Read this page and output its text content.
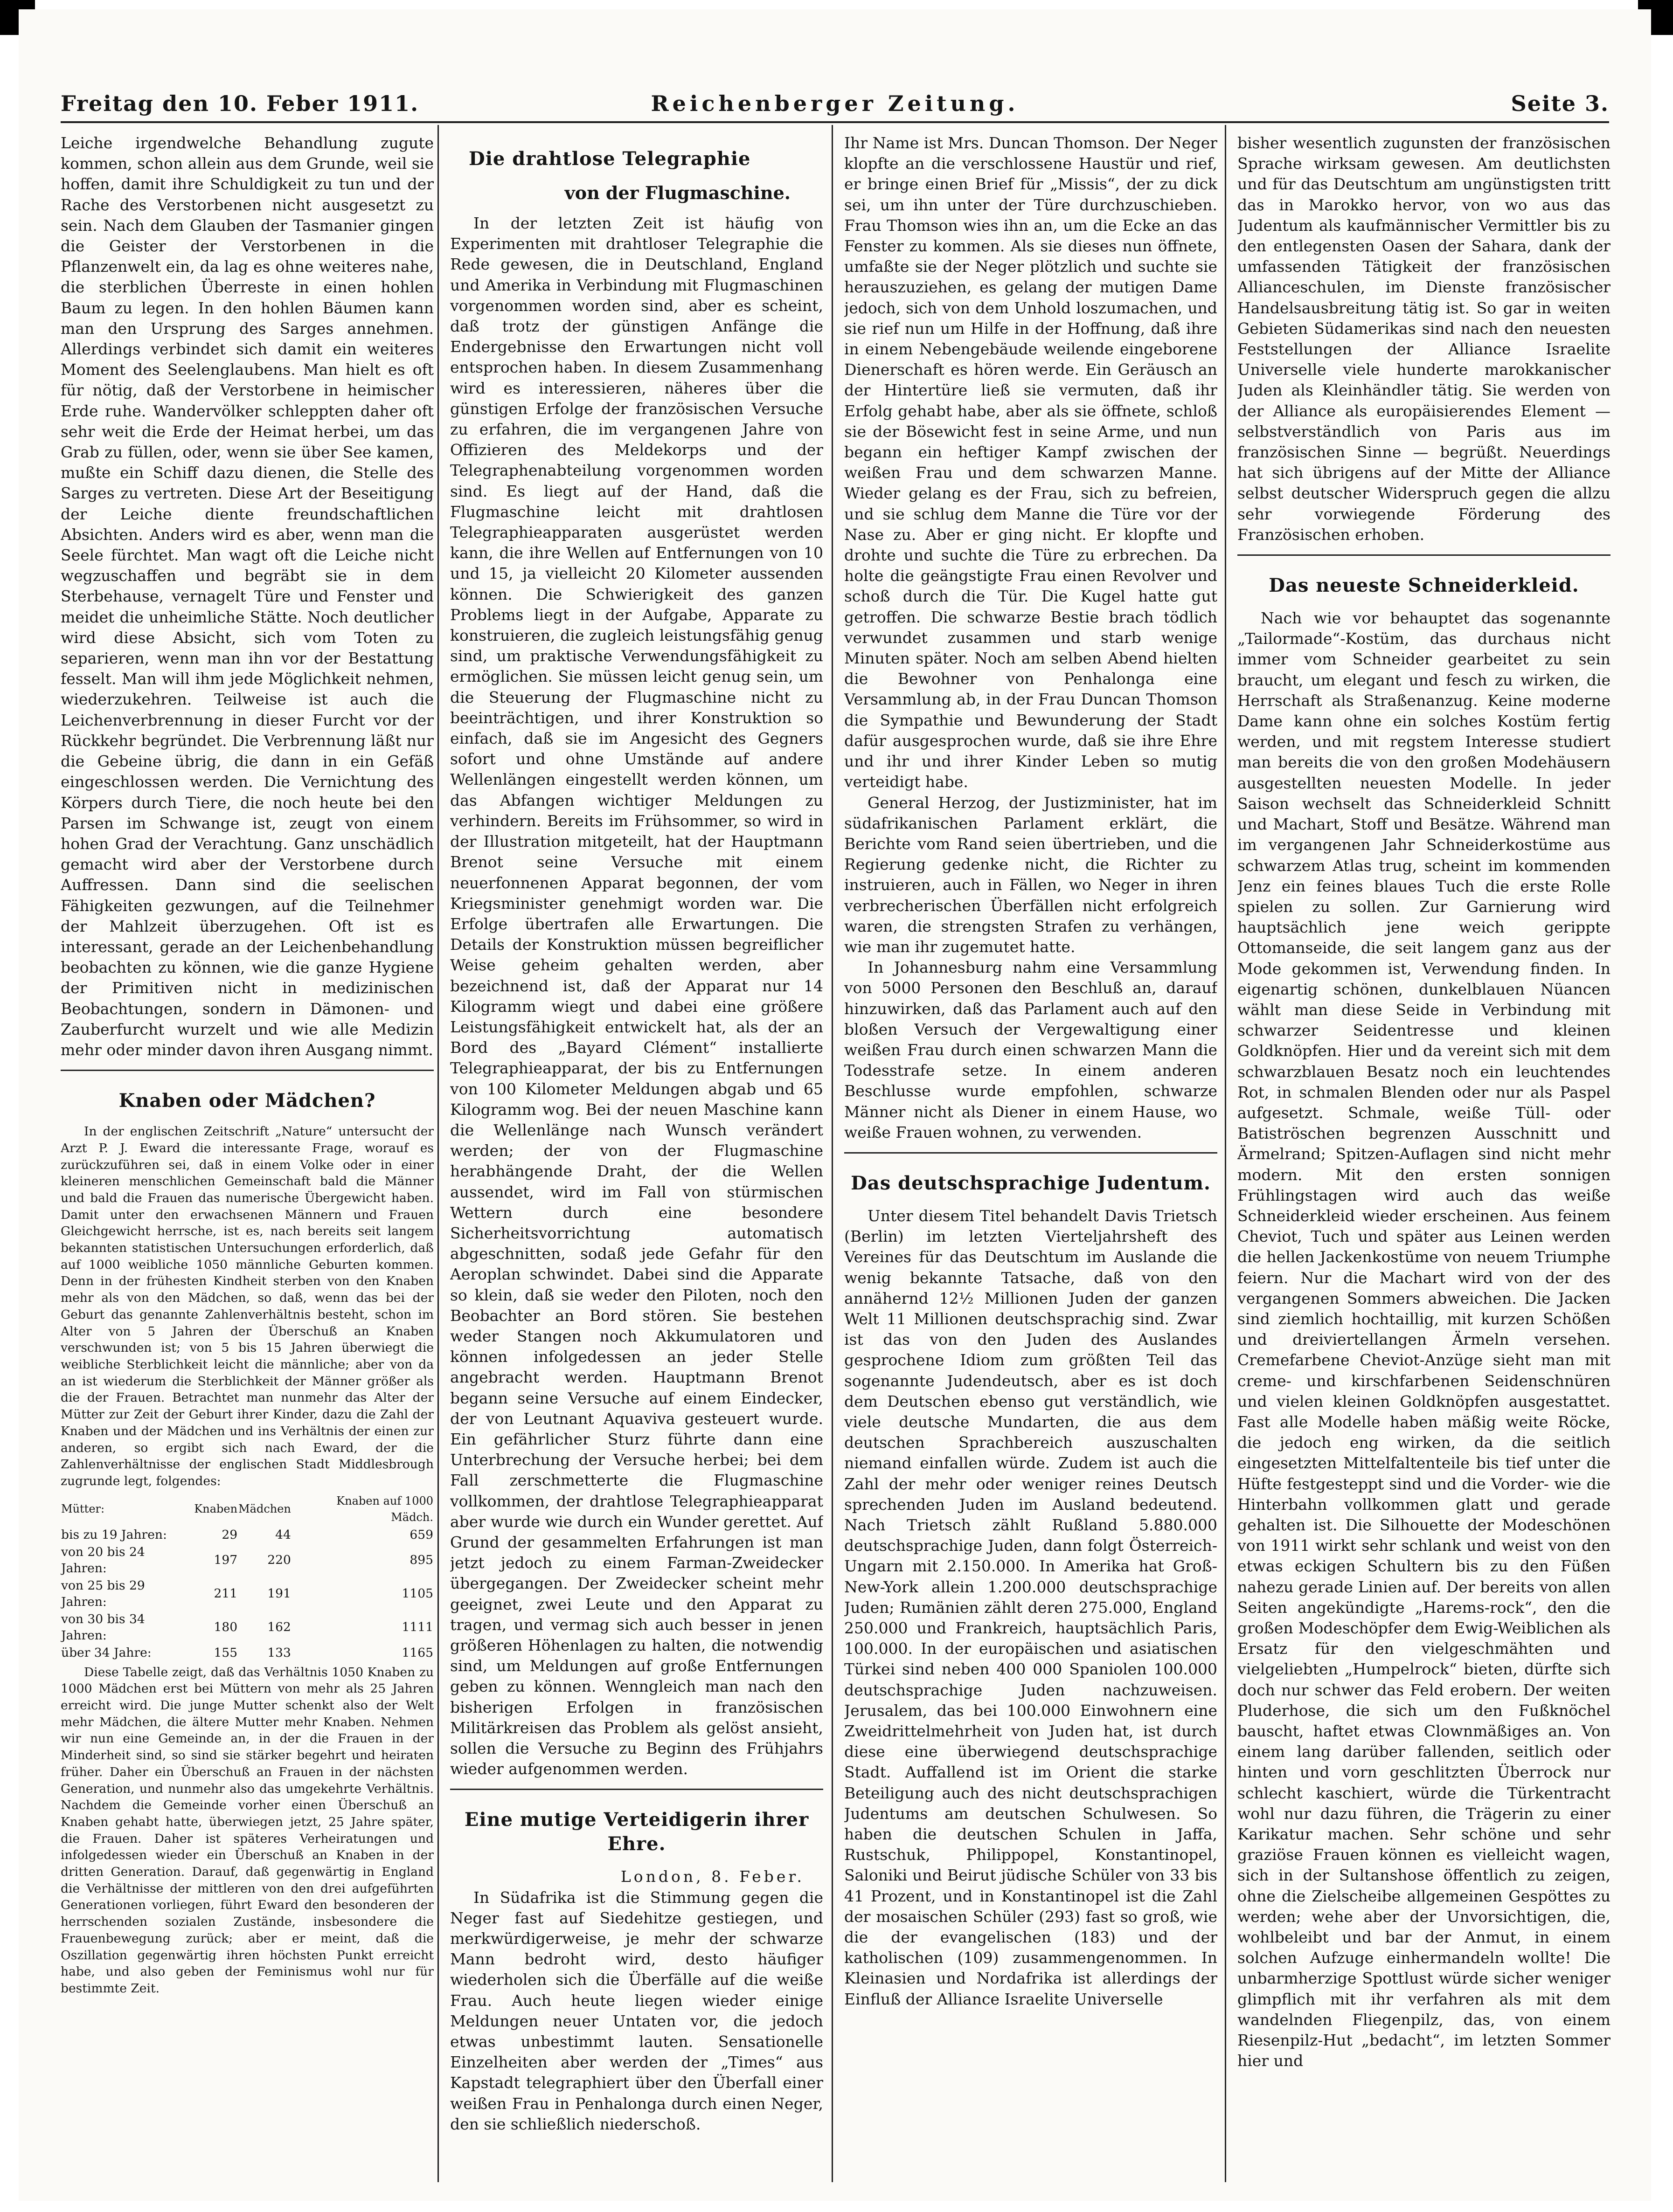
Freitag den 10. Feber 1911.	Reichenberger Zeitung.	Seite 3.

Leiche irgendwelche Behandlung zugute kommen, schon allein aus dem Grunde, weil sie hoffen, damit ihre Schuldigkeit zu tun und der Rache des Verstorbenen nicht ausgesetzt zu sein. Nach dem Glauben der Tasmanier gingen die Geister der Verstorbenen in die Pflanzenwelt ein, da lag es ohne weiteres nahe, die sterblichen Überreste in einen hohlen Baum zu legen. In den hohlen Bäumen kann man den Ursprung des Sarges annehmen. Allerdings verbindet sich damit ein weiteres Moment des Seelenglaubens. Man hielt es oft für nötig, daß der Verstorbene in heimischer Erde ruhe. Wandervölker schleppten daher oft sehr weit die Erde der Heimat herbei, um das Grab zu füllen, oder, wenn sie über See kamen, mußte ein Schiff dazu dienen, die Stelle des Sarges zu vertreten. Diese Art der Beseitigung der Leiche diente freundschaftlichen Absichten. Anders wird es aber, wenn man die Seele fürchtet. Man wagt oft die Leiche nicht wegzuschaffen und begräbt sie in dem Sterbehause, vernagelt Türe und Fenster und meidet die unheimliche Stätte. Noch deutlicher wird diese Absicht, sich vom Toten zu separieren, wenn man ihn vor der Bestattung fesselt. Man will ihm jede Möglichkeit nehmen, wiederzukehren. Teilweise ist auch die Leichenverbrennung in dieser Furcht vor der Rückkehr begründet. Die Verbrennung läßt nur die Gebeine übrig, die dann in ein Gefäß eingeschlossen werden. Die Vernichtung des Körpers durch Tiere, die noch heute bei den Parsen im Schwange ist, zeugt von einem hohen Grad der Verachtung. Ganz unschädlich gemacht wird aber der Verstorbene durch Auffressen. Dann sind die seelischen Fähigkeiten gezwungen, auf die Teilnehmer der Mahlzeit überzugehen. Oft ist es interessant, gerade an der Leichenbehandlung beobachten zu können, wie die ganze Hygiene der Primitiven nicht in medizinischen Beobachtungen, sondern in Dämonen- und Zauberfurcht wurzelt und wie alle Medizin mehr oder minder davon ihren Ausgang nimmt.

Knaben oder Mädchen?

In der englischen Zeitschrift „Nature“ untersucht der Arzt P. J. Eward die interessante Frage, worauf es zurückzuführen sei, daß in einem Volke oder in einer kleineren menschlichen Gemeinschaft bald die Männer und bald die Frauen das numerische Übergewicht haben. Damit unter den erwachsenen Männern und Frauen Gleichgewicht herrsche, ist es, nach bereits seit langem bekannten statistischen Untersuchungen erforderlich, daß auf 1000 weibliche 1050 männliche Geburten kommen. Denn in der frühesten Kindheit sterben von den Knaben mehr als von den Mädchen, so daß, wenn das bei der Geburt das genannte Zahlenverhältnis besteht, schon im Alter von 5 Jahren der Überschuß an Knaben verschwunden ist; von 5 bis 15 Jahren überwiegt die weibliche Sterblichkeit leicht die männliche; aber von da an ist wiederum die Sterblichkeit der Männer größer als die der Frauen. Betrachtet man nunmehr das Alter der Mütter zur Zeit der Geburt ihrer Kinder, dazu die Zahl der Knaben und der Mädchen und ins Verhältnis der einen zur anderen, so ergibt sich nach Eward, der die Zahlenverhältnisse der englischen Stadt Middlesbrough zugrunde legt, folgendes:

Mütter:	Knaben	Mädchen	Knaben auf 1000 Mädch.
bis zu 19 Jahren:	29	44	659
von 20 bis 24 Jahren:	197	220	895
von 25 bis 29 Jahren:	211	191	1105
von 30 bis 34 Jahren:	180	162	1111
über 34 Jahre:	155	133	1165

Diese Tabelle zeigt, daß das Verhältnis 1050 Knaben zu 1000 Mädchen erst bei Müttern von mehr als 25 Jahren erreicht wird. Die junge Mutter schenkt also der Welt mehr Mädchen, die ältere Mutter mehr Knaben. Nehmen wir nun eine Gemeinde an, in der die Frauen in der Minderheit sind, so sind sie stärker begehrt und heiraten früher. Daher ein Überschuß an Frauen in der nächsten Generation, und nunmehr also das umgekehrte Verhältnis. Nachdem die Gemeinde vorher einen Überschuß an Knaben gehabt hatte, überwiegen jetzt, 25 Jahre später, die Frauen. Daher ist späteres Verheiratungen und infolgedessen wieder ein Überschuß an Knaben in der dritten Generation. Darauf, daß gegenwärtig in England die Verhältnisse der mittleren von den drei aufgeführten Generationen vorliegen, führt Eward den besonderen der herrschenden sozialen Zustände, insbesondere die Frauenbewegung zurück; aber er meint, daß die Oszillation gegenwärtig ihren höchsten Punkt erreicht habe, und also geben der Feminismus wohl nur für bestimmte Zeit.

Die drahtlose Telegraphie
von der Flugmaschine.

In der letzten Zeit ist häufig von Experimenten mit drahtloser Telegraphie die Rede gewesen, die in Deutschland, England und Amerika in Verbindung mit Flugmaschinen vorgenommen worden sind, aber es scheint, daß trotz der günstigen Anfänge die Endergebnisse den Erwartungen nicht voll entsprochen haben. In diesem Zusammenhang wird es interessieren, näheres über die günstigen Erfolge der französischen Versuche zu erfahren, die im vergangenen Jahre von Offizieren des Meldekorps und der Telegraphenabteilung vorgenommen worden sind. Es liegt auf der Hand, daß die Flugmaschine leicht mit drahtlosen Telegraphieapparaten ausgerüstet werden kann, die ihre Wellen auf Entfernungen von 10 und 15, ja vielleicht 20 Kilometer aussenden können. Die Schwierigkeit des ganzen Problems liegt in der Aufgabe, Apparate zu konstruieren, die zugleich leistungsfähig genug sind, um praktische Verwendungsfähigkeit zu ermöglichen. Sie müssen leicht genug sein, um die Steuerung der Flugmaschine nicht zu beeinträchtigen, und ihrer Konstruktion so einfach, daß sie im Angesicht des Gegners sofort und ohne Umstände auf andere Wellenlängen eingestellt werden können, um das Abfangen wichtiger Meldungen zu verhindern. Bereits im Frühsommer, so wird in der Illustration mitgeteilt, hat der Hauptmann Brenot seine Versuche mit einem neuerfonnenen Apparat begonnen, der vom Kriegsminister genehmigt worden war. Die Erfolge übertrafen alle Erwartungen. Die Details der Konstruktion müssen begreiflicher Weise geheim gehalten werden, aber bezeichnend ist, daß der Apparat nur 14 Kilogramm wiegt und dabei eine größere Leistungsfähigkeit entwickelt hat, als der an Bord des „Bayard Clément“ installierte Telegraphieapparat, der bis zu Entfernungen von 100 Kilometer Meldungen abgab und 65 Kilogramm wog. Bei der neuen Maschine kann die Wellenlänge nach Wunsch verändert werden; der von der Flugmaschine herabhängende Draht, der die Wellen aussendet, wird im Fall von stürmischen Wettern durch eine besondere Sicherheitsvorrichtung automatisch abgeschnitten, sodaß jede Gefahr für den Aeroplan schwindet. Dabei sind die Apparate so klein, daß sie weder den Piloten, noch den Beobachter an Bord stören. Sie bestehen weder Stangen noch Akkumulatoren und können infolgedessen an jeder Stelle angebracht werden. Hauptmann Brenot begann seine Versuche auf einem Eindecker, der von Leutnant Aquaviva gesteuert wurde. Ein gefährlicher Sturz führte dann eine Unterbrechung der Versuche herbei; bei dem Fall zerschmetterte die Flugmaschine vollkommen, der drahtlose Telegraphieapparat aber wurde wie durch ein Wunder gerettet. Auf Grund der gesammelten Erfahrungen ist man jetzt jedoch zu einem Farman-Zweidecker übergegangen. Der Zweidecker scheint mehr geeignet, zwei Leute und den Apparat zu tragen, und vermag sich auch besser in jenen größeren Höhenlagen zu halten, die notwendig sind, um Meldungen auf große Entfernungen geben zu können. Wenngleich man nach den bisherigen Erfolgen in französischen Militärkreisen das Problem als gelöst ansieht, sollen die Versuche zu Beginn des Frühjahrs wieder aufgenommen werden.

Eine mutige Verteidigerin ihrer Ehre.

London, 8. Feber.

In Südafrika ist die Stimmung gegen die Neger fast auf Siedehitze gestiegen, und merkwürdigerweise, je mehr der schwarze Mann bedroht wird, desto häufiger wiederholen sich die Überfälle auf die weiße Frau. Auch heute liegen wieder einige Meldungen neuer Untaten vor, die jedoch etwas unbestimmt lauten. Sensationelle Einzelheiten aber werden der „Times“ aus Kapstadt telegraphiert über den Überfall einer weißen Frau in Penhalonga durch einen Neger, den sie schließlich niederschoß.

Ihr Name ist Mrs. Duncan Thomson. Der Neger klopfte an die verschlossene Haustür und rief, er bringe einen Brief für „Missis“, der zu dick sei, um ihn unter der Türe durchzuschieben. Frau Thomson wies ihn an, um die Ecke an das Fenster zu kommen. Als sie dieses nun öffnete, umfaßte sie der Neger plötzlich und suchte sie herauszuziehen, es gelang der mutigen Dame jedoch, sich von dem Unhold loszumachen, und sie rief nun um Hilfe in der Hoffnung, daß ihre in einem Nebengebäude weilende eingeborene Dienerschaft es hören werde. Ein Geräusch an der Hintertüre ließ sie vermuten, daß ihr Erfolg gehabt habe, aber als sie öffnete, schloß sie der Bösewicht fest in seine Arme, und nun begann ein heftiger Kampf zwischen der weißen Frau und dem schwarzen Manne. Wieder gelang es der Frau, sich zu befreien, und sie schlug dem Manne die Türe vor der Nase zu. Aber er ging nicht. Er klopfte und drohte und suchte die Türe zu erbrechen. Da holte die geängstigte Frau einen Revolver und schoß durch die Tür. Die Kugel hatte gut getroffen. Die schwarze Bestie brach tödlich verwundet zusammen und starb wenige Minuten später. Noch am selben Abend hielten die Bewohner von Penhalonga eine Versammlung ab, in der Frau Duncan Thomson die Sympathie und Bewunderung der Stadt dafür ausgesprochen wurde, daß sie ihre Ehre und ihr und ihrer Kinder Leben so mutig verteidigt habe.

General Herzog, der Justizminister, hat im südafrikanischen Parlament erklärt, die Berichte vom Rand seien übertrieben, und die Regierung gedenke nicht, die Richter zu instruieren, auch in Fällen, wo Neger in ihren verbrecherischen Überfällen nicht erfolgreich waren, die strengsten Strafen zu verhängen, wie man ihr zugemutet hatte.

In Johannesburg nahm eine Versammlung von 5000 Personen den Beschluß an, darauf hinzuwirken, daß das Parlament auch auf den bloßen Versuch der Vergewaltigung einer weißen Frau durch einen schwarzen Mann die Todesstrafe setze. In einem anderen Beschlusse wurde empfohlen, schwarze Männer nicht als Diener in einem Hause, wo weiße Frauen wohnen, zu verwenden.

Das deutschsprachige Judentum.

Unter diesem Titel behandelt Davis Trietsch (Berlin) im letzten Vierteljahrsheft des Vereines für das Deutschtum im Auslande die wenig bekannte Tatsache, daß von den annähernd 12½ Millionen Juden der ganzen Welt 11 Millionen deutschsprachig sind. Zwar ist das von den Juden des Auslandes gesprochene Idiom zum größten Teil das sogenannte Judendeutsch, aber es ist doch dem Deutschen ebenso gut verständlich, wie viele deutsche Mundarten, die aus dem deutschen Sprachbereich auszuschalten niemand einfallen würde. Zudem ist auch die Zahl der mehr oder weniger reines Deutsch sprechenden Juden im Ausland bedeutend. Nach Trietsch zählt Rußland 5.880.000 deutschsprachige Juden, dann folgt Österreich-Ungarn mit 2.150.000. In Amerika hat Groß-New-York allein 1.200.000 deutschsprachige Juden; Rumänien zählt deren 275.000, England 250.000 und Frankreich, hauptsächlich Paris, 100.000. In der europäischen und asiatischen Türkei sind neben 400 000 Spaniolen 100.000 deutschsprachige Juden nachzuweisen. Jerusalem, das bei 100.000 Einwohnern eine Zweidrittelmehrheit von Juden hat, ist durch diese eine überwiegend deutschsprachige Stadt. Auffallend ist im Orient die starke Beteiligung auch des nicht deutschsprachigen Judentums am deutschen Schulwesen. So haben die deutschen Schulen in Jaffa, Rustschuk, Philippopel, Konstantinopel, Saloniki und Beirut jüdische Schüler von 33 bis 41 Prozent, und in Konstantinopel ist die Zahl der mosaischen Schüler (293) fast so groß, wie die der evangelischen (183) und der katholischen (109) zusammengenommen. In Kleinasien und Nordafrika ist allerdings der Einfluß der Alliance Israelite Universelle

bisher wesentlich zugunsten der französischen Sprache wirksam gewesen. Am deutlichsten und für das Deutschtum am ungünstigsten tritt das in Marokko hervor, von wo aus das Judentum als kaufmännischer Vermittler bis zu den entlegensten Oasen der Sahara, dank der umfassenden Tätigkeit der französischen Allianceschulen, im Dienste französischer Handelsausbreitung tätig ist. So gar in weiten Gebieten Südamerikas sind nach den neuesten Feststellungen der Alliance Israelite Universelle viele hunderte marokkanischer Juden als Kleinhändler tätig. Sie werden von der Alliance als europäisierendes Element — selbstverständlich von Paris aus im französischen Sinne — begrüßt. Neuerdings hat sich übrigens auf der Mitte der Alliance selbst deutscher Widerspruch gegen die allzu sehr vorwiegende Förderung des Französischen erhoben.

Das neueste Schneiderkleid.

Nach wie vor behauptet das sogenannte „Tailormade“-Kostüm, das durchaus nicht immer vom Schneider gearbeitet zu sein braucht, um elegant und fesch zu wirken, die Herrschaft als Straßenanzug. Keine moderne Dame kann ohne ein solches Kostüm fertig werden, und mit regstem Interesse studiert man bereits die von den großen Modehäusern ausgestellten neuesten Modelle. In jeder Saison wechselt das Schneiderkleid Schnitt und Machart, Stoff und Besätze. Während man im vergangenen Jahr Schneiderkostüme aus schwarzem Atlas trug, scheint im kommenden Jenz ein feines blaues Tuch die erste Rolle spielen zu sollen. Zur Garnierung wird hauptsächlich jene weich gerippte Ottomanseide, die seit langem ganz aus der Mode gekommen ist, Verwendung finden. In eigenartig schönen, dunkelblauen Nüancen wählt man diese Seide in Verbindung mit schwarzer Seidentresse und kleinen Goldknöpfen. Hier und da vereint sich mit dem schwarzblauen Besatz noch ein leuchtendes Rot, in schmalen Blenden oder nur als Paspel aufgesetzt. Schmale, weiße Tüll- oder Batiströschen begrenzen Ausschnitt und Ärmelrand; Spitzen-Auflagen sind nicht mehr modern. Mit den ersten sonnigen Frühlingstagen wird auch das weiße Schneiderkleid wieder erscheinen. Aus feinem Cheviot, Tuch und später aus Leinen werden die hellen Jackenkostüme von neuem Triumphe feiern. Nur die Machart wird von der des vergangenen Sommers abweichen. Die Jacken sind ziemlich hochtaillig, mit kurzen Schößen und dreiviertellangen Ärmeln versehen. Cremefarbene Cheviot-Anzüge sieht man mit creme- und kirschfarbenen Seidenschnüren und vielen kleinen Goldknöpfen ausgestattet. Fast alle Modelle haben mäßig weite Röcke, die jedoch eng wirken, da die seitlich eingesetzten Mittelfaltenteile bis tief unter die Hüfte festgesteppt sind und die Vorder- wie die Hinterbahn vollkommen glatt und gerade gehalten ist. Die Silhouette der Modeschönen von 1911 wirkt sehr schlank und weist von den etwas eckigen Schultern bis zu den Füßen nahezu gerade Linien auf. Der bereits von allen Seiten angekündigte „Harems-rock“, den die großen Modeschöpfer dem Ewig-Weiblichen als Ersatz für den vielgeschmähten und vielgeliebten „Humpelrock“ bieten, dürfte sich doch nur schwer das Feld erobern. Der weiten Pluderhose, die sich um den Fußknöchel bauscht, haftet etwas Clownmäßiges an. Von einem lang darüber fallenden, seitlich oder hinten und vorn geschlitzten Überrock nur schlecht kaschiert, würde die Türkentracht wohl nur dazu führen, die Trägerin zu einer Karikatur machen. Sehr schöne und sehr graziöse Frauen können es vielleicht wagen, sich in der Sultanshose öffentlich zu zeigen, ohne die Zielscheibe allgemeinen Gespöttes zu werden; wehe aber der Unvorsichtigen, die, wohlbeleibt und bar der Anmut, in einem solchen Aufzuge einhermandeln wollte! Die unbarmherzige Spottlust würde sicher weniger glimpflich mit ihr verfahren als mit dem wandelnden Fliegenpilz, das, von einem Riesenpilz-Hut „bedacht“, im letzten Sommer hier und
